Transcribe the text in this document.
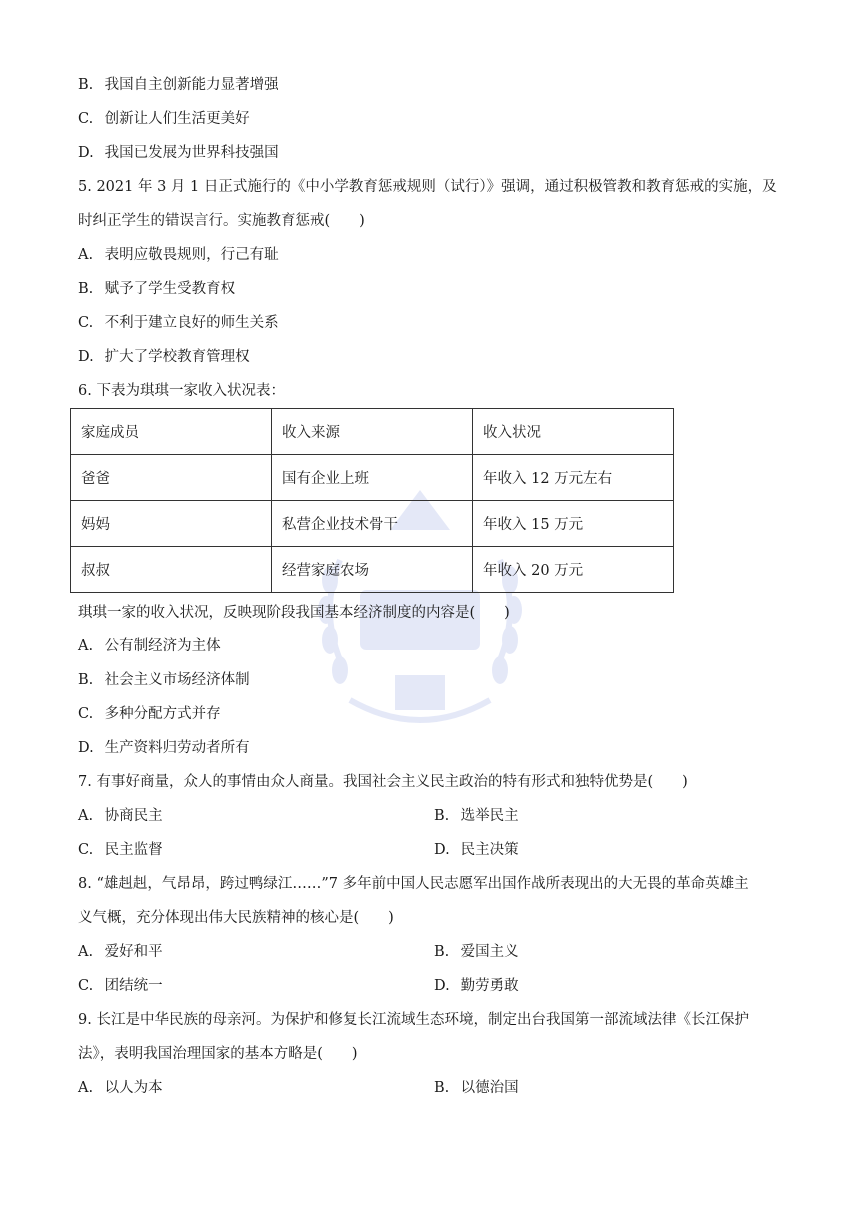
B. 我国自主创新能力显著增强
C. 创新让人们生活更美好
D. 我国已发展为世界科技强国
5. 2021 年 3 月 1 日正式施行的《中小学教育惩戒规则（试行）》强调，通过积极管教和教育惩戒的实施，及
时纠正学生的错误言行。实施教育惩戒(　　)
A. 表明应敬畏规则，行己有耻
B. 赋予了学生受教育权
C. 不利于建立良好的师生关系
D. 扩大了学校教育管理权
6. 下表为琪琪一家收入状况表：
家庭成员	收入来源	收入状况
爸爸	国有企业上班	年收入 12 万元左右
妈妈	私营企业技术骨干	年收入 15 万元
叔叔	经营家庭农场	年收入 20 万元
琪琪一家的收入状况，反映现阶段我国基本经济制度的内容是(　　)
A. 公有制经济为主体
B. 社会主义市场经济体制
C. 多种分配方式并存
D. 生产资料归劳动者所有
7. 有事好商量，众人的事情由众人商量。我国社会主义民主政治的特有形式和独特优势是(　　)
A. 协商民主	B. 选举民主
C. 民主监督	D. 民主决策
8. “雄赳赳，气昂昂，跨过鸭绿江……”7 多年前中国人民志愿军出国作战所表现出的大无畏的革命英雄主
义气概，充分体现出伟大民族精神的核心是(　　)
A. 爱好和平	B. 爱国主义
C. 团结统一	D. 勤劳勇敢
9. 长江是中华民族的母亲河。为保护和修复长江流域生态环境，制定出台我国第一部流域法律《长江保护
法》，表明我国治理国家的基本方略是(　　)
A. 以人为本	B. 以德治国
